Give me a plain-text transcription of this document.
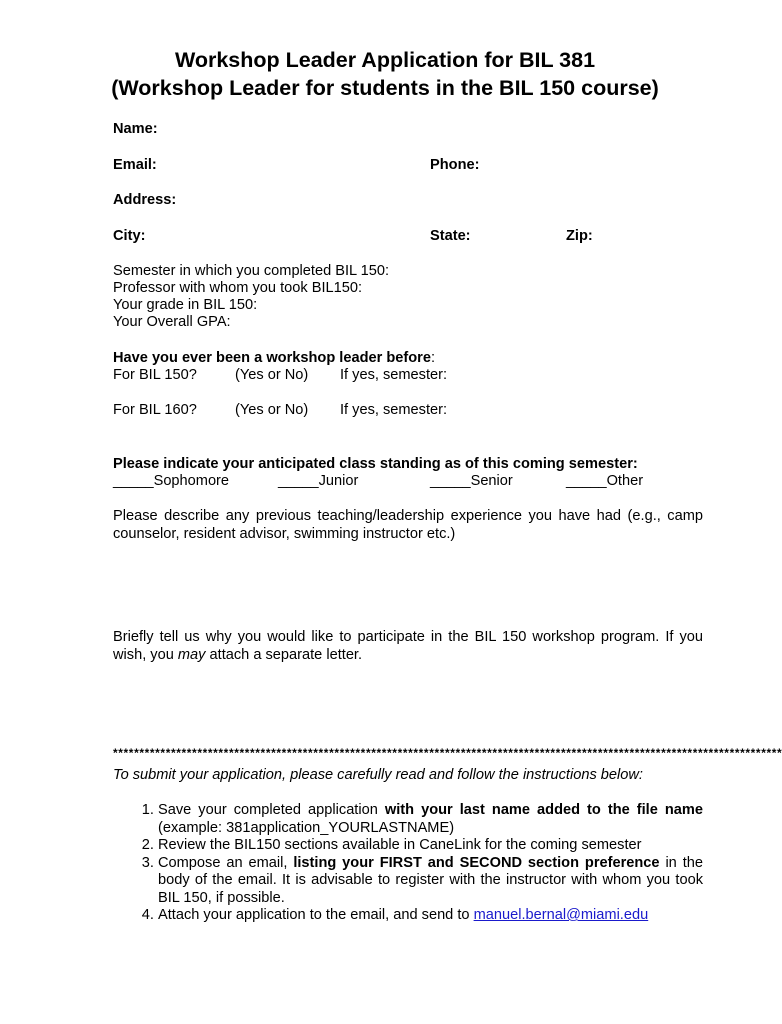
Workshop Leader Application for BIL 381
(Workshop Leader for students in the BIL 150 course)
Name:
Email:	Phone:
Address:
City:	State:	Zip:
Semester in which you completed BIL 150:
Professor with whom you took BIL150:
Your grade in BIL 150:
Your Overall GPA:
Have you ever been a workshop leader before:
For BIL 150?	(Yes or No) If yes, semester:
For BIL 160?	(Yes or No) If yes, semester:
Please indicate your anticipated class standing as of this coming semester:
_____Sophomore	_____Junior	_____Senior	_____Other
Please describe any previous teaching/leadership experience you have had (e.g., camp counselor, resident advisor, swimming instructor etc.)
Briefly tell us why you would like to participate in the BIL 150 workshop program. If you wish, you may attach a separate letter.
*******************************************************************************************************************************
To submit your application, please carefully read and follow the instructions below:
1. Save your completed application with your last name added to the file name (example: 381application_YOURLASTNAME)
2. Review the BIL150 sections available in CaneLink for the coming semester
3. Compose an email, listing your FIRST and SECOND section preference in the body of the email. It is advisable to register with the instructor with whom you took BIL 150, if possible.
4. Attach your application to the email, and send to manuel.bernal@miami.edu
